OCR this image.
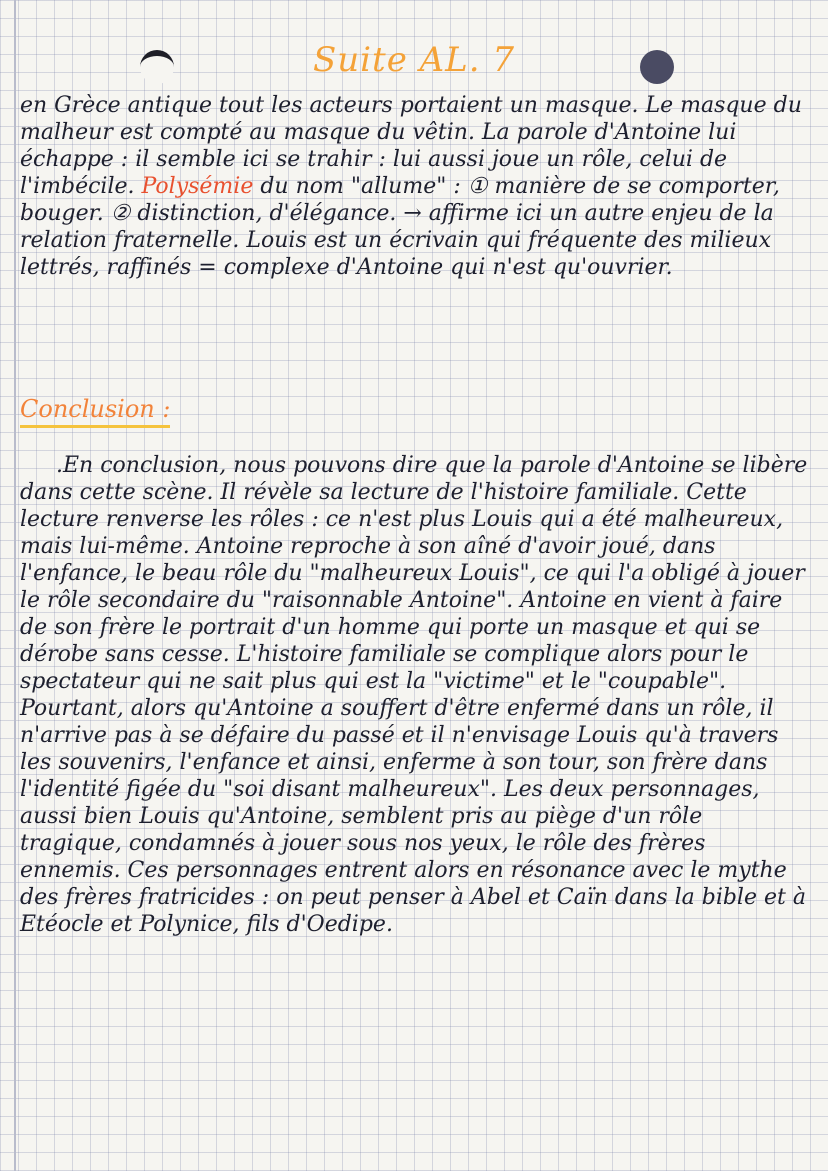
Suite AL. 7

en Grèce antique tout les acteurs portaient un masque. Le masque du malheur est compté au masque du vêtin. La parole d'Antoine lui échappe : il semble ici se trahir : lui aussi joue un rôle, celui de l'imbécile. Polysémie du nom "allume" : ① manière de se comporter, bouger. ② distinction, d'élégance. → affirme ici un autre enjeu de la relation fraternelle. Louis est un écrivain qui fréquente des milieux lettrés, raffinés = complexe d'Antoine qui n'est qu'ouvrier.

Conclusion :

.En conclusion, nous pouvons dire que la parole d'Antoine se libère dans cette scène. Il révèle sa lecture de l'histoire familiale. Cette lecture renverse les rôles : ce n'est plus Louis qui a été malheureux, mais lui-même. Antoine reproche à son aîné d'avoir joué, dans l'enfance, le beau rôle du "malheureux Louis", ce qui l'a obligé à jouer le rôle secondaire du "raisonnable Antoine". Antoine en vient à faire de son frère le portrait d'un homme qui porte un masque et qui se dérobe sans cesse. L'histoire familiale se complique alors pour le spectateur qui ne sait plus qui est la "victime" et le "coupable". Pourtant, alors qu'Antoine a souffert d'être enfermé dans un rôle, il n'arrive pas à se défaire du passé et il n'envisage Louis qu'à travers les souvenirs, l'enfance et ainsi, enferme à son tour, son frère dans l'identité figée du "soi disant malheureux". Les deux personnages, aussi bien Louis qu'Antoine, semblent pris au piège d'un rôle tragique, condamnés à jouer sous nos yeux, le rôle des frères ennemis. Ces personnages entrent alors en résonance avec le mythe des frères fratricides : on peut penser à Abel et Caïn dans la bible et à Etéocle et Polynice, fils d'Oedipe.
